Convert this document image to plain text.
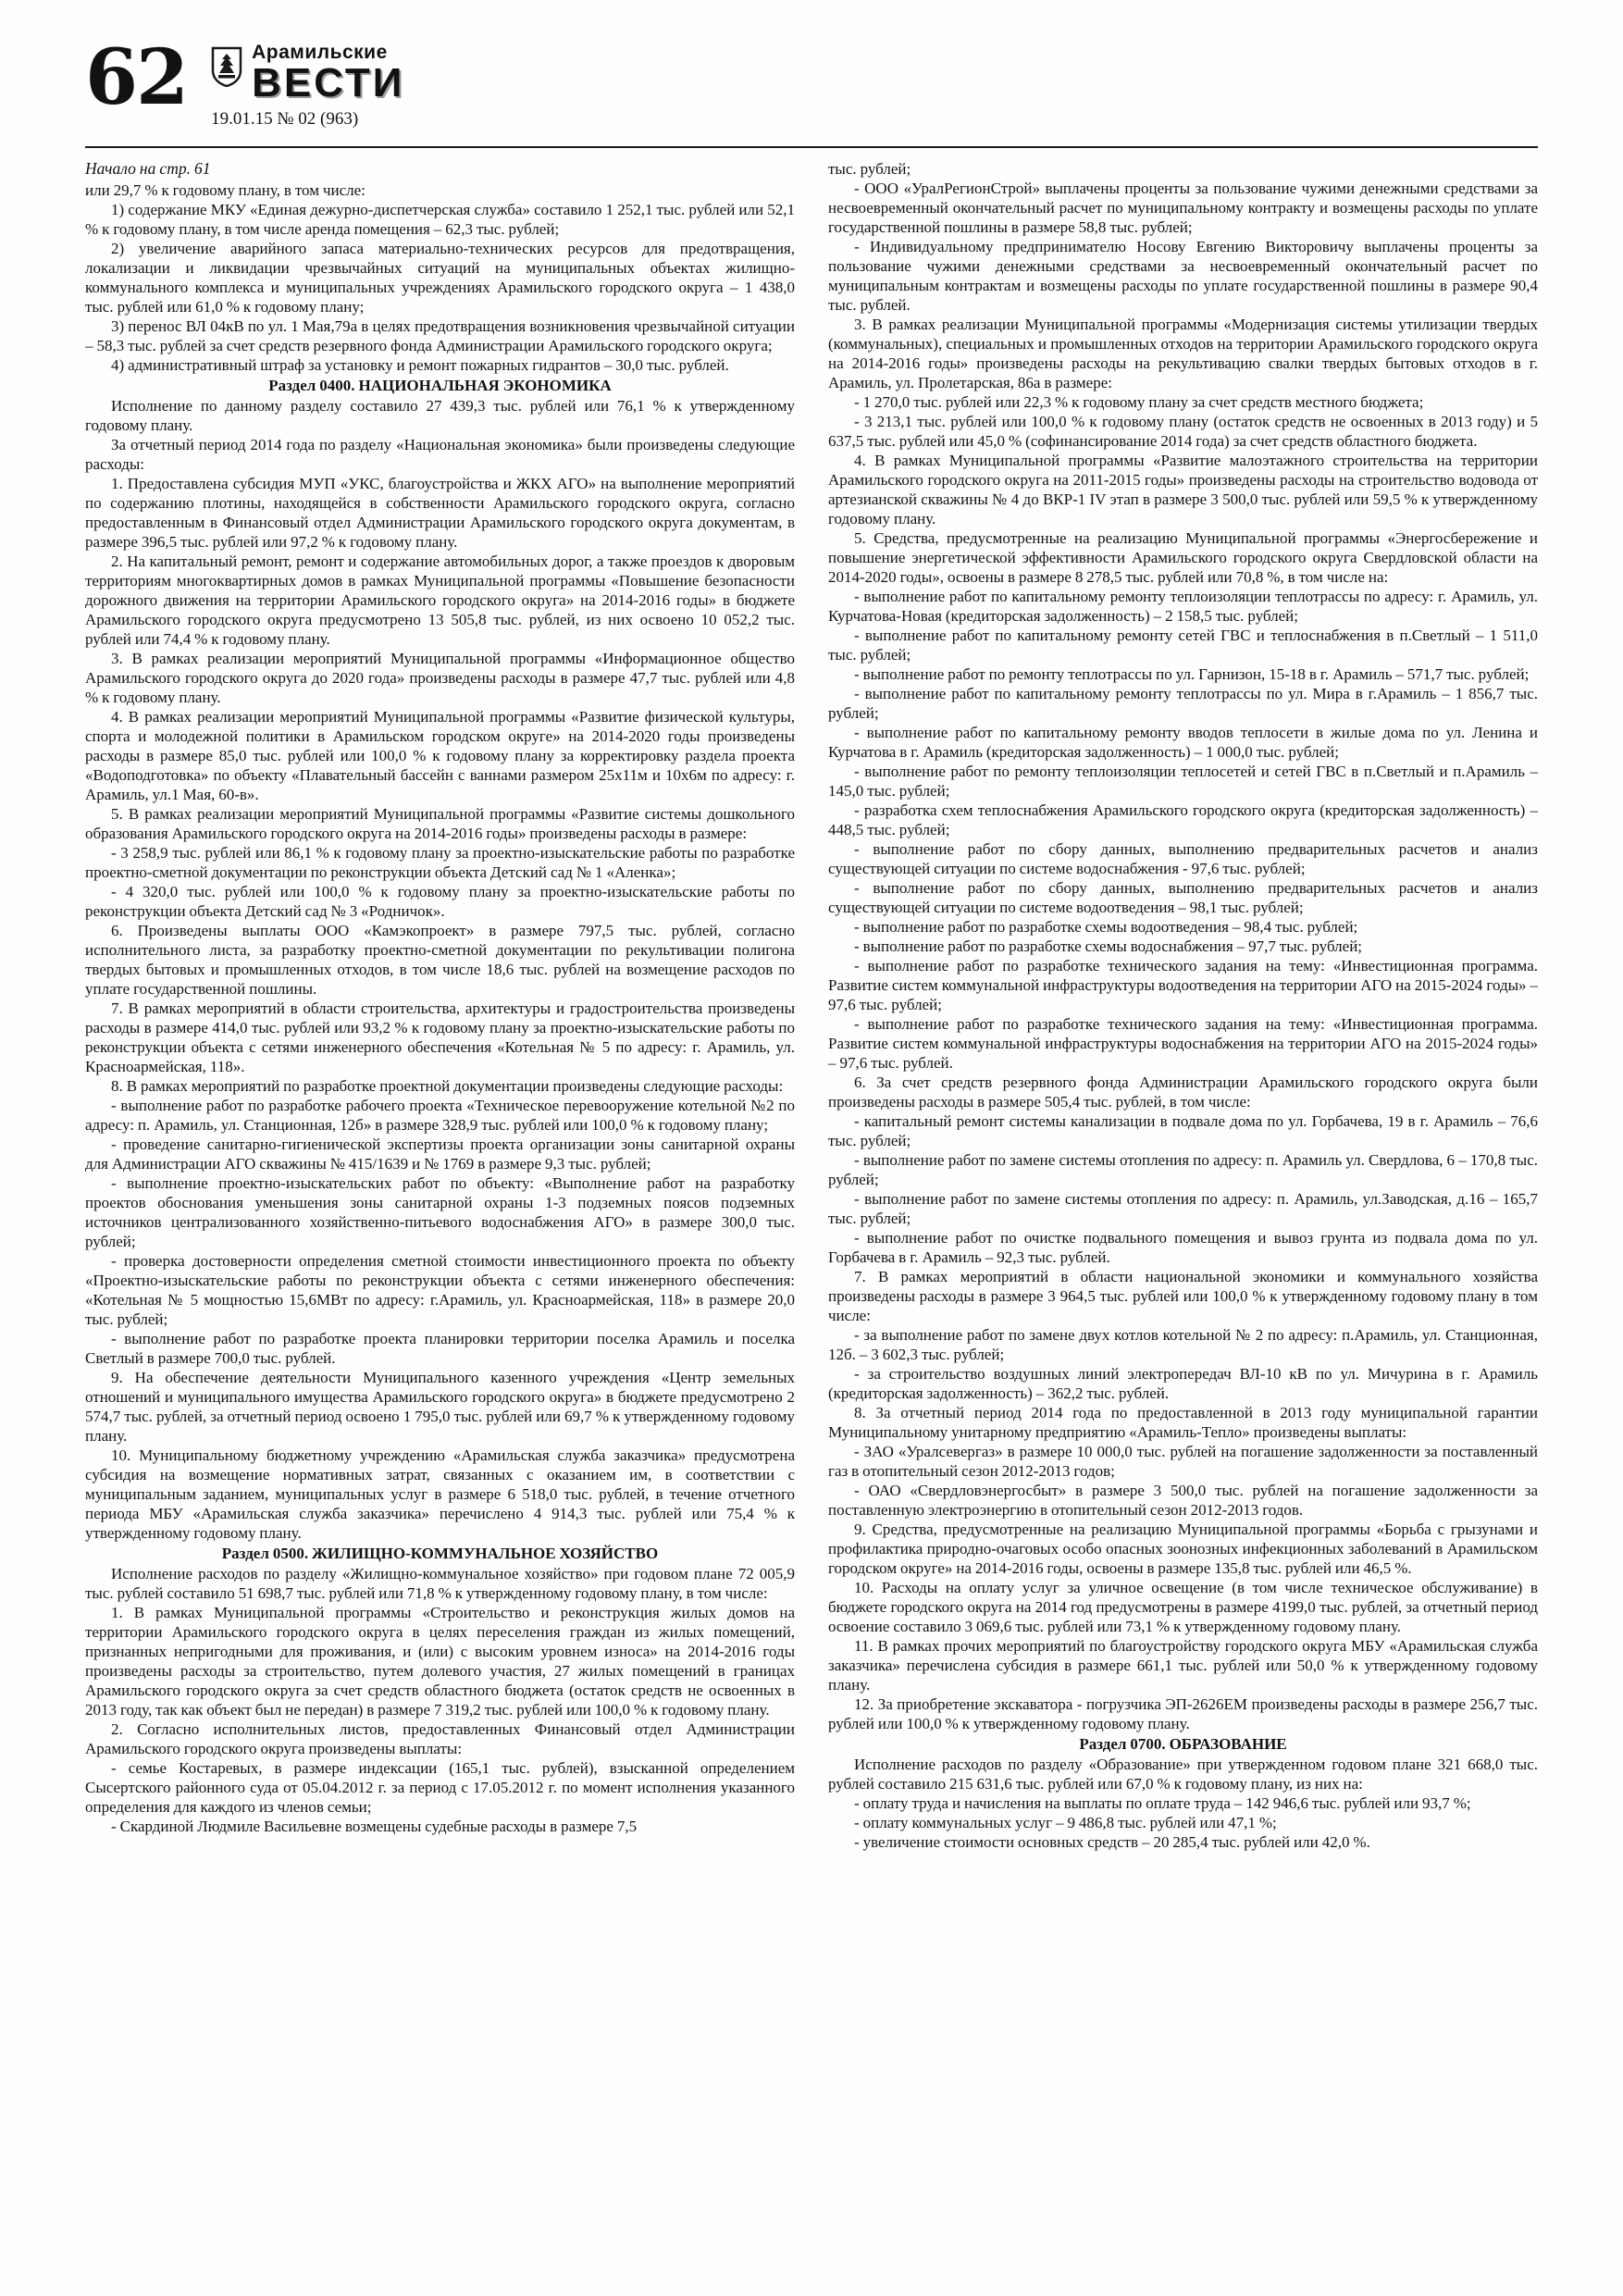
62	Арамильские
ВЕСТИ
19.01.15 № 02 (963)

Начало на стр. 61

или 29,7 % к годовому плану, в том числе:

1) содержание МКУ «Единая дежурно-диспетчерская служба» составило 1 252,1 тыс. рублей или 52,1 % к годовому плану, в том числе аренда помещения – 62,3 тыс. рублей;

2) увеличение аварийного запаса материально-технических ресурсов для предотвращения, локализации и ликвидации чрезвычайных ситуаций на муниципальных объектах жилищно-коммунального комплекса и муниципальных учреждениях Арамильского городского округа – 1 438,0 тыс. рублей или 61,0 % к годовому плану;

3) перенос ВЛ 04кВ по ул. 1 Мая,79а в целях предотвращения возникновения чрезвычайной ситуации – 58,3 тыс. рублей за счет средств резервного фонда Администрации Арамильского городского округа;

4) административный штраф за установку и ремонт пожарных гидрантов – 30,0 тыс. рублей.

Раздел 0400. НАЦИОНАЛЬНАЯ ЭКОНОМИКА

Исполнение по данному разделу составило 27 439,3 тыс. рублей или 76,1 % к утвержденному годовому плану.

За отчетный период 2014 года по разделу «Национальная экономика» были произведены следующие расходы:

1. Предоставлена субсидия МУП «УКС, благоустройства и ЖКХ АГО» на выполнение мероприятий по содержанию плотины, находящейся в собственности Арамильского городского округа, согласно предоставленным в Финансовый отдел Администрации Арамильского городского округа документам, в размере 396,5 тыс. рублей или 97,2 % к годовому плану.

2. На капитальный ремонт, ремонт и содержание автомобильных дорог, а также проездов к дворовым территориям многоквартирных домов в рамках Муниципальной программы «Повышение безопасности дорожного движения на территории Арамильского городского округа» на 2014-2016 годы» в бюджете Арамильского городского округа предусмотрено 13 505,8 тыс. рублей, из них освоено 10 052,2 тыс. рублей или 74,4 % к годовому плану.

3. В рамках реализации мероприятий Муниципальной программы «Информационное общество Арамильского городского округа до 2020 года» произведены расходы в размере 47,7 тыс. рублей или 4,8 % к годовому плану.

4. В рамках реализации мероприятий Муниципальной программы «Развитие физической культуры, спорта и молодежной политики в Арамильском городском округе» на 2014-2020 годы произведены расходы в размере 85,0 тыс. рублей или 100,0 % к годовому плану за корректировку раздела проекта «Водоподготовка» по объекту «Плавательный бассейн с ваннами размером 25х11м и 10х6м по адресу: г. Арамиль, ул.1 Мая, 60-в».

5. В рамках реализации мероприятий Муниципальной программы «Развитие системы дошкольного образования Арамильского городского округа на 2014-2016 годы» произведены расходы в размере:

- 3 258,9 тыс. рублей или 86,1 % к годовому плану за проектно-изыскательские работы по разработке проектно-сметной документации по реконструкции объекта Детский сад № 1 «Аленка»;

- 4 320,0 тыс. рублей или 100,0 % к годовому плану за проектно-изыскательские работы по реконструкции объекта Детский сад № 3 «Родничок».

6. Произведены выплаты ООО «Камэкопроект» в размере 797,5 тыс. рублей, согласно исполнительного листа, за разработку проектно-сметной документации по рекультивации полигона твердых бытовых и промышленных отходов, в том числе 18,6 тыс. рублей на возмещение расходов по уплате государственной пошлины.

7. В рамках мероприятий в области строительства, архитектуры и градостроительства произведены расходы в размере 414,0 тыс. рублей или 93,2 % к годовому плану за проектно-изыскательские работы по реконструкции объекта с сетями инженерного обеспечения «Котельная № 5 по адресу: г. Арамиль, ул. Красноармейская, 118».

8. В рамках мероприятий по разработке проектной документации произведены следующие расходы:

- выполнение работ по разработке рабочего проекта «Техническое перевооружение котельной №2 по адресу: п. Арамиль, ул. Станционная, 12б» в размере 328,9 тыс. рублей или 100,0 % к годовому плану;

- проведение санитарно-гигиенической экспертизы проекта организации зоны санитарной охраны для Администрации АГО скважины № 415/1639 и № 1769 в размере 9,3 тыс. рублей;

- выполнение проектно-изыскательских работ по объекту: «Выполнение работ на разработку проектов обоснования уменьшения зоны санитарной охраны 1-3 подземных поясов подземных источников централизованного хозяйственно-питьевого водоснабжения АГО» в размере 300,0 тыс. рублей;

- проверка достоверности определения сметной стоимости инвестиционного проекта по объекту «Проектно-изыскательские работы по реконструкции объекта с сетями инженерного обеспечения: «Котельная № 5 мощностью 15,6МВт по адресу: г.Арамиль, ул. Красноармейская, 118» в размере 20,0 тыс. рублей;

- выполнение работ по разработке проекта планировки территории поселка Арамиль и поселка Светлый в размере 700,0 тыс. рублей.

9. На обеспечение деятельности Муниципального казенного учреждения «Центр земельных отношений и муниципального имущества Арамильского городского округа» в бюджете предусмотрено 2 574,7 тыс. рублей, за отчетный период освоено 1 795,0 тыс. рублей или 69,7 % к утвержденному годовому плану.

10. Муниципальному бюджетному учреждению «Арамильская служба заказчика» предусмотрена субсидия на возмещение нормативных затрат, связанных с оказанием им, в соответствии с муниципальным заданием, муниципальных услуг в размере 6 518,0 тыс. рублей, в течение отчетного периода МБУ «Арамильская служба заказчика» перечислено 4 914,3 тыс. рублей или 75,4 % к утвержденному годовому плану.

Раздел 0500. ЖИЛИЩНО-КОММУНАЛЬНОЕ ХОЗЯЙСТВО

Исполнение расходов по разделу «Жилищно-коммунальное хозяйство» при годовом плане 72 005,9 тыс. рублей составило 51 698,7 тыс. рублей или 71,8 % к утвержденному годовому плану, в том числе:

1. В рамках Муниципальной программы «Строительство и реконструкция жилых домов на территории Арамильского городского округа в целях переселения граждан из жилых помещений, признанных непригодными для проживания, и (или) с высоким уровнем износа» на 2014-2016 годы произведены расходы за строительство, путем долевого участия, 27 жилых помещений в границах Арамильского городского округа за счет средств областного бюджета (остаток средств не освоенных в 2013 году, так как объект был не передан) в размере 7 319,2 тыс. рублей или 100,0 % к годовому плану.

2. Согласно исполнительных листов, предоставленных Финансовый отдел Администрации Арамильского городского округа произведены выплаты:

- семье Костаревых, в размере индексации (165,1 тыс. рублей), взысканной определением Сысертского районного суда от 05.04.2012 г. за период с 17.05.2012 г. по момент исполнения указанного определения для каждого из членов семьи;

- Скардиной Людмиле Васильевне возмещены судебные расходы в размере 7,5

тыс. рублей;

- ООО «УралРегионСтрой» выплачены проценты за пользование чужими денежными средствами за несвоевременный окончательный расчет по муниципальному контракту и возмещены расходы по уплате государственной пошлины в размере 58,8 тыс. рублей;

- Индивидуальному предпринимателю Носову Евгению Викторовичу выплачены проценты за пользование чужими денежными средствами за несвоевременный окончательный расчет по муниципальным контрактам и возмещены расходы по уплате государственной пошлины в размере 90,4 тыс. рублей.

3. В рамках реализации Муниципальной программы «Модернизация системы утилизации твердых (коммунальных), специальных и промышленных отходов на территории Арамильского городского округа на 2014-2016 годы» произведены расходы на рекультивацию свалки твердых бытовых отходов в г. Арамиль, ул. Пролетарская, 86а в размере:

- 1 270,0 тыс. рублей или 22,3 % к годовому плану за счет средств местного бюджета;

- 3 213,1 тыс. рублей или 100,0 % к годовому плану (остаток средств не освоенных в 2013 году) и 5 637,5 тыс. рублей или 45,0 % (софинансирование 2014 года) за счет средств областного бюджета.

4. В рамках Муниципальной программы «Развитие малоэтажного строительства на территории Арамильского городского округа на 2011-2015 годы» произведены расходы на строительство водовода от артезианской скважины № 4 до ВКР-1 IV этап в размере 3 500,0 тыс. рублей или 59,5 % к утвержденному годовому плану.

5. Средства, предусмотренные на реализацию Муниципальной программы «Энергосбережение и повышение энергетической эффективности Арамильского городского округа Свердловской области на 2014-2020 годы», освоены в размере 8 278,5 тыс. рублей или 70,8 %, в том числе на:

- выполнение работ по капитальному ремонту теплоизоляции теплотрассы по адресу: г. Арамиль, ул. Курчатова-Новая (кредиторская задолженность) – 2 158,5 тыс. рублей;

- выполнение работ по капитальному ремонту сетей ГВС и теплоснабжения в п.Светлый – 1 511,0 тыс. рублей;

- выполнение работ по ремонту теплотрассы по ул. Гарнизон, 15-18 в г. Арамиль – 571,7 тыс. рублей;

- выполнение работ по капитальному ремонту теплотрассы по ул. Мира в г.Арамиль – 1 856,7 тыс. рублей;

- выполнение работ по капитальному ремонту вводов теплосети в жилые дома по ул. Ленина и Курчатова в г. Арамиль (кредиторская задолженность) – 1 000,0 тыс. рублей;

- выполнение работ по ремонту теплоизоляции теплосетей и сетей ГВС в п.Светлый и п.Арамиль – 145,0 тыс. рублей;

- разработка схем теплоснабжения Арамильского городского округа (кредиторская задолженность) – 448,5 тыс. рублей;

- выполнение работ по сбору данных, выполнению предварительных расчетов и анализ существующей ситуации по системе водоснабжения - 97,6 тыс. рублей;

- выполнение работ по сбору данных, выполнению предварительных расчетов и анализ существующей ситуации по системе водоотведения – 98,1 тыс. рублей;

- выполнение работ по разработке схемы водоотведения – 98,4 тыс. рублей;

- выполнение работ по разработке схемы водоснабжения – 97,7 тыс. рублей;

- выполнение работ по разработке технического задания на тему: «Инвестиционная программа. Развитие систем коммунальной инфраструктуры водоотведения на территории АГО на 2015-2024 годы» – 97,6 тыс. рублей;

- выполнение работ по разработке технического задания на тему: «Инвестиционная программа. Развитие систем коммунальной инфраструктуры водоснабжения на территории АГО на 2015-2024 годы» – 97,6 тыс. рублей.

6. За счет средств резервного фонда Администрации Арамильского городского округа были произведены расходы в размере 505,4 тыс. рублей, в том числе:

- капитальный ремонт системы канализации в подвале дома по ул. Горбачева, 19 в г. Арамиль – 76,6 тыс. рублей;

- выполнение работ по замене системы отопления по адресу: п. Арамиль ул. Свердлова, 6 – 170,8 тыс. рублей;

- выполнение работ по замене системы отопления по адресу: п. Арамиль, ул.Заводская, д.16 – 165,7 тыс. рублей;

- выполнение работ по очистке подвального помещения и вывоз грунта из подвала дома по ул. Горбачева в г. Арамиль – 92,3 тыс. рублей.

7. В рамках мероприятий в области национальной экономики и коммунального хозяйства произведены расходы в размере 3 964,5 тыс. рублей или 100,0 % к утвержденному годовому плану в том числе:

- за выполнение работ по замене двух котлов котельной № 2 по адресу: п.Арамиль, ул. Станционная, 12б. – 3 602,3 тыс. рублей;

- за строительство воздушных линий электропередач ВЛ-10 кВ по ул. Мичурина в г. Арамиль (кредиторская задолженность) – 362,2 тыс. рублей.

8. За отчетный период 2014 года по предоставленной в 2013 году муниципальной гарантии Муниципальному унитарному предприятию «Арамиль-Тепло» произведены выплаты:

- ЗАО «Уралсевергаз» в размере 10 000,0 тыс. рублей на погашение задолженности за поставленный газ в отопительный сезон 2012-2013 годов;

- ОАО «Свердловэнергосбыт» в размере 3 500,0 тыс. рублей на погашение задолженности за поставленную электроэнергию в отопительный сезон 2012-2013 годов.

9. Средства, предусмотренные на реализацию Муниципальной программы «Борьба с грызунами и профилактика природно-очаговых особо опасных зоонозных инфекционных заболеваний в Арамильском городском округе» на 2014-2016 годы, освоены в размере 135,8 тыс. рублей или 46,5 %.

10. Расходы на оплату услуг за уличное освещение (в том числе техническое обслуживание) в бюджете городского округа на 2014 год предусмотрены в размере 4199,0 тыс. рублей, за отчетный период освоение составило 3 069,6 тыс. рублей или 73,1 % к утвержденному годовому плану.

11. В рамках прочих мероприятий по благоустройству городского округа МБУ «Арамильская служба заказчика» перечислена субсидия в размере 661,1 тыс. рублей или 50,0 % к утвержденному годовому плану.

12. За приобретение экскаватора - погрузчика ЭП-2626ЕМ произведены расходы в размере 256,7 тыс. рублей или 100,0 % к утвержденному годовому плану.

Раздел 0700. ОБРАЗОВАНИЕ

Исполнение расходов по разделу «Образование» при утвержденном годовом плане 321 668,0 тыс. рублей составило 215 631,6 тыс. рублей или 67,0 % к годовому плану, из них на:

- оплату труда и начисления на выплаты по оплате труда – 142 946,6 тыс. рублей или 93,7 %;

- оплату коммунальных услуг – 9 486,8 тыс. рублей или 47,1 %;

- увеличение стоимости основных средств – 20 285,4 тыс. рублей или 42,0 %.
